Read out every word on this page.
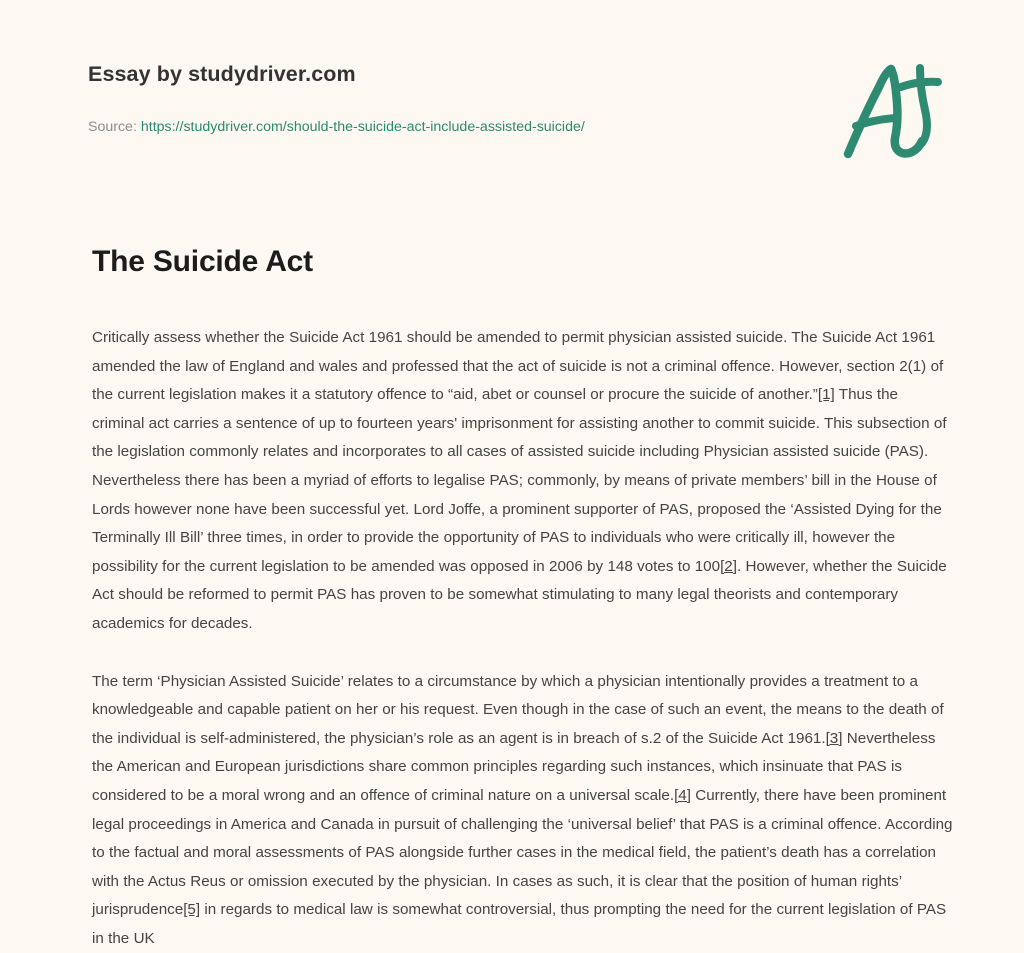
Essay by studydriver.com

Source: https://studydriver.com/should-the-suicide-act-include-assisted-suicide/

The Suicide Act

Critically assess whether the Suicide Act 1961 should be amended to permit physician assisted suicide. The Suicide Act 1961 amended the law of England and wales and professed that the act of suicide is not a criminal offence. However, section 2(1) of the current legislation makes it a statutory offence to “aid, abet or counsel or procure the suicide of another.”[1] Thus the criminal act carries a sentence of up to fourteen years' imprisonment for assisting another to commit suicide. This subsection of the legislation commonly relates and incorporates to all cases of assisted suicide including Physician assisted suicide (PAS). Nevertheless there has been a myriad of efforts to legalise PAS; commonly, by means of private members’ bill in the House of Lords however none have been successful yet. Lord Joffe, a prominent supporter of PAS, proposed the ‘Assisted Dying for the Terminally Ill Bill’ three times, in order to provide the opportunity of PAS to individuals who were critically ill, however the possibility for the current legislation to be amended was opposed in 2006 by 148 votes to 100[2]. However, whether the Suicide Act should be reformed to permit PAS has proven to be somewhat stimulating to many legal theorists and contemporary academics for decades.

The term ‘Physician Assisted Suicide’ relates to a circumstance by which a physician intentionally provides a treatment to a knowledgeable and capable patient on her or his request. Even though in the case of such an event, the means to the death of the individual is self-administered, the physician’s role as an agent is in breach of s.2 of the Suicide Act 1961.[3] Nevertheless the American and European jurisdictions share common principles regarding such instances, which insinuate that PAS is considered to be a moral wrong and an offence of criminal nature on a universal scale.[4] Currently, there have been prominent legal proceedings in America and Canada in pursuit of challenging the ‘universal belief’ that PAS is a criminal offence. According to the factual and moral assessments of PAS alongside further cases in the medical field, the patient’s death has a correlation with the Actus Reus or omission executed by the physician. In cases as such, it is clear that the position of human rights’ jurisprudence[5] in regards to medical law is somewhat controversial, thus prompting the need for the current legislation of PAS in the UK
